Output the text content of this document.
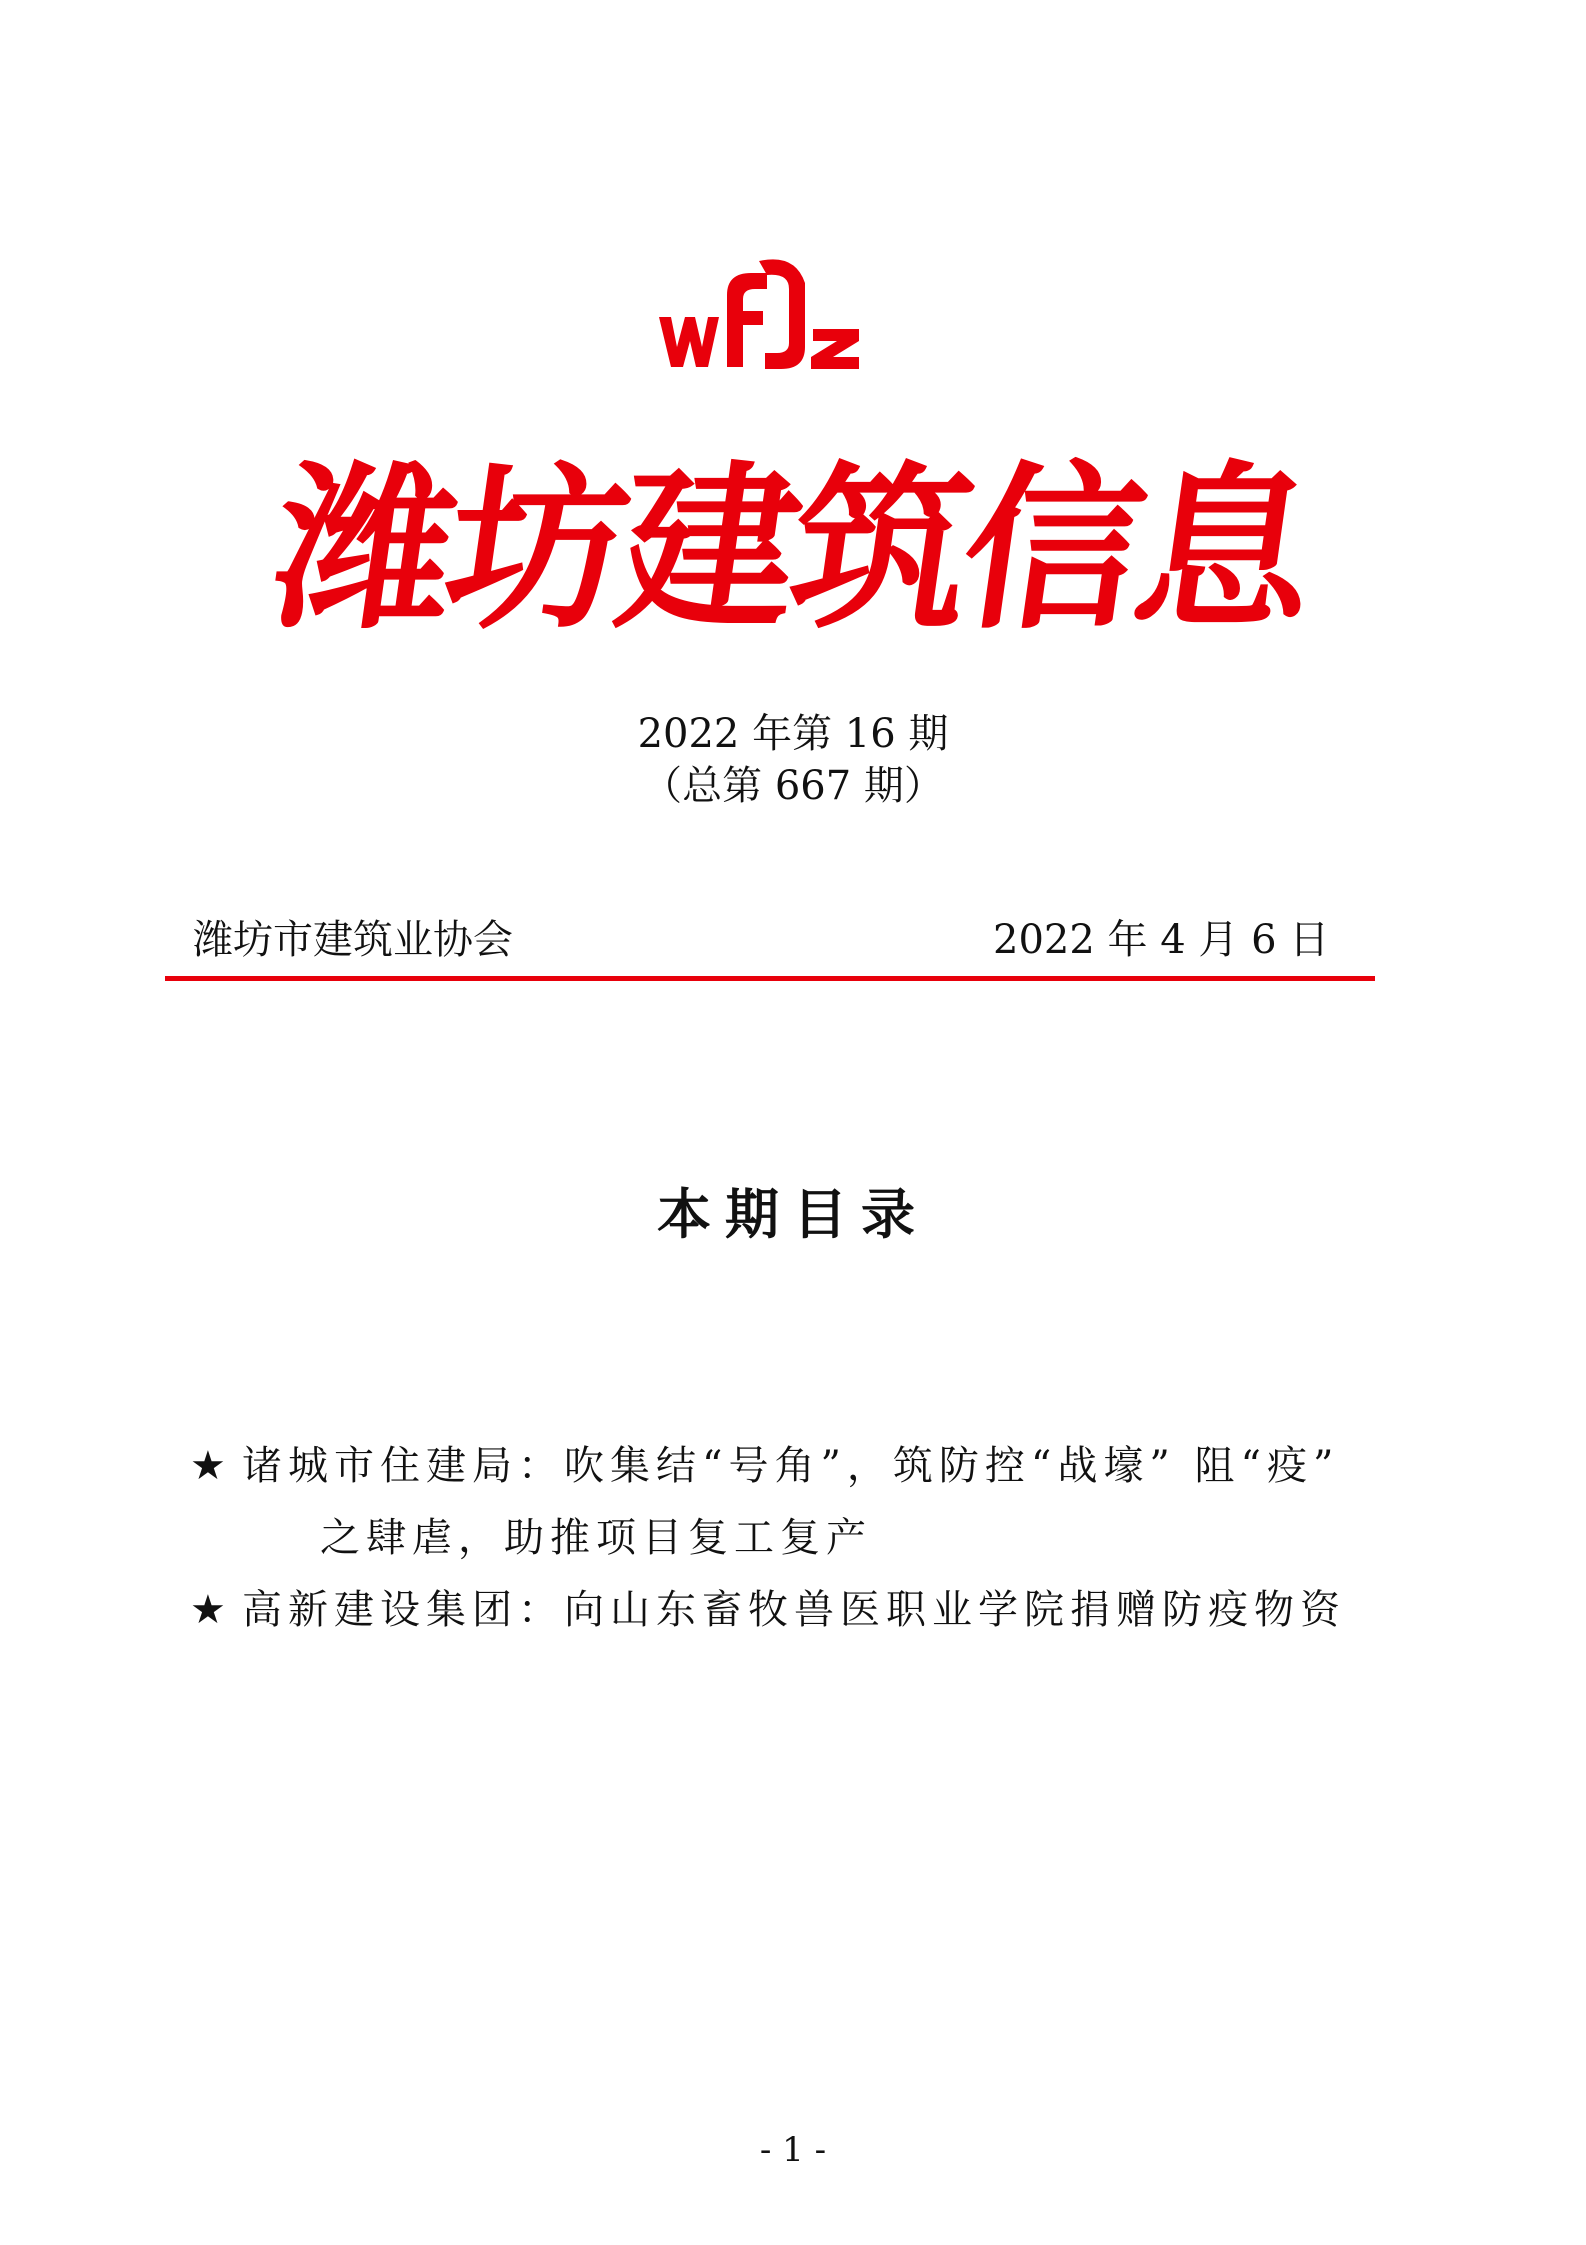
潍坊建筑信息
2022 年第 16 期
（总第 667 期）
潍坊市建筑业协会	2022 年 4 月 6 日
本期目录
★ 诸城市住建局：吹集结“号角”，筑防控“战壕” 阻“疫”
之肆虐，助推项目复工复产
★ 高新建设集团：向山东畜牧兽医职业学院捐赠防疫物资
- 1 -
